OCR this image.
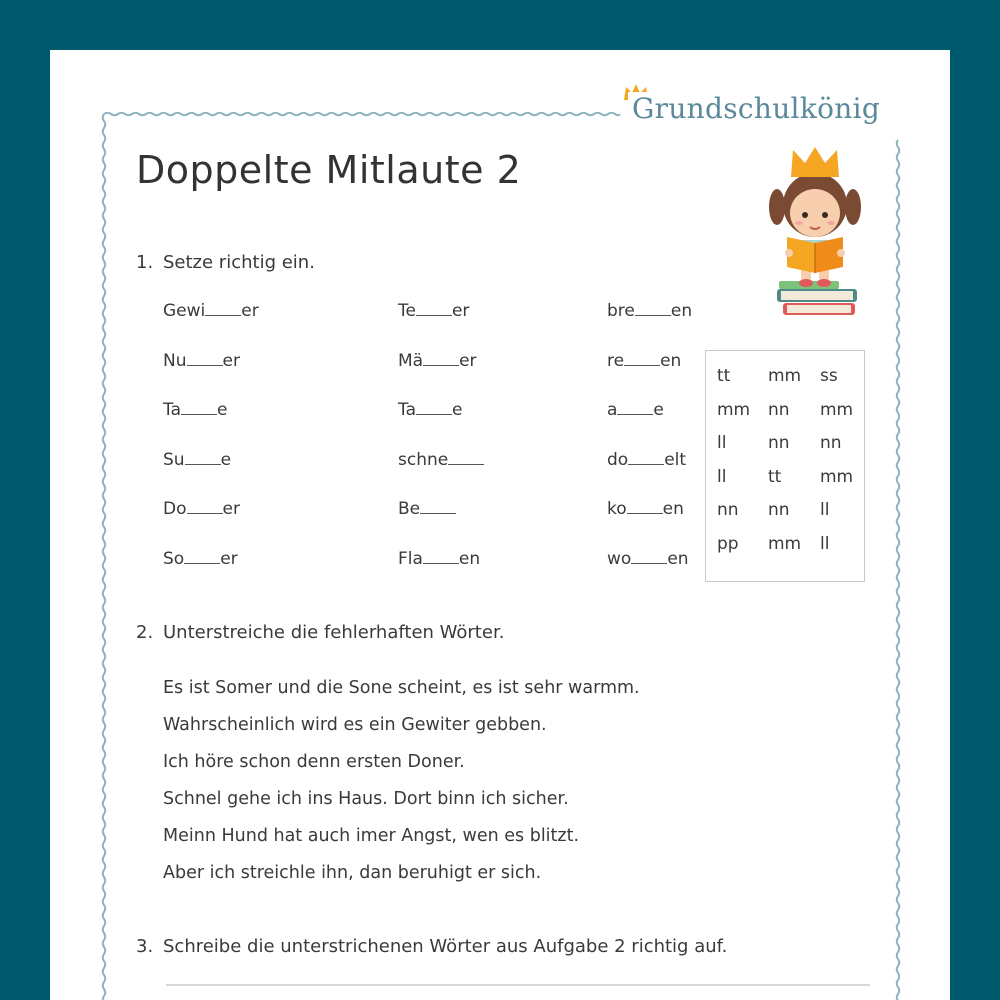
Grundschulkönig
Doppelte Mitlaute 2
1. Setze richtig ein.
Gewi er	Te er	bre en
Nu er	Mä er	re en
Ta e	Ta e	a e
Su e	schne	do elt
Do er	Be	ko en
So er	Fla en	wo en
tt mm ss
mm nn mm
ll nn nn
ll tt mm
nn nn ll
pp mm ll
2. Unterstreiche die fehlerhaften Wörter.
Es ist Somer und die Sone scheint, es ist sehr warmm.
Wahrscheinlich wird es ein Gewiter gebben.
Ich höre schon denn ersten Doner.
Schnel gehe ich ins Haus. Dort binn ich sicher.
Meinn Hund hat auch imer Angst, wen es blitzt.
Aber ich streichle ihn, dan beruhigt er sich.
3. Schreibe die unterstrichenen Wörter aus Aufgabe 2 richtig auf.
